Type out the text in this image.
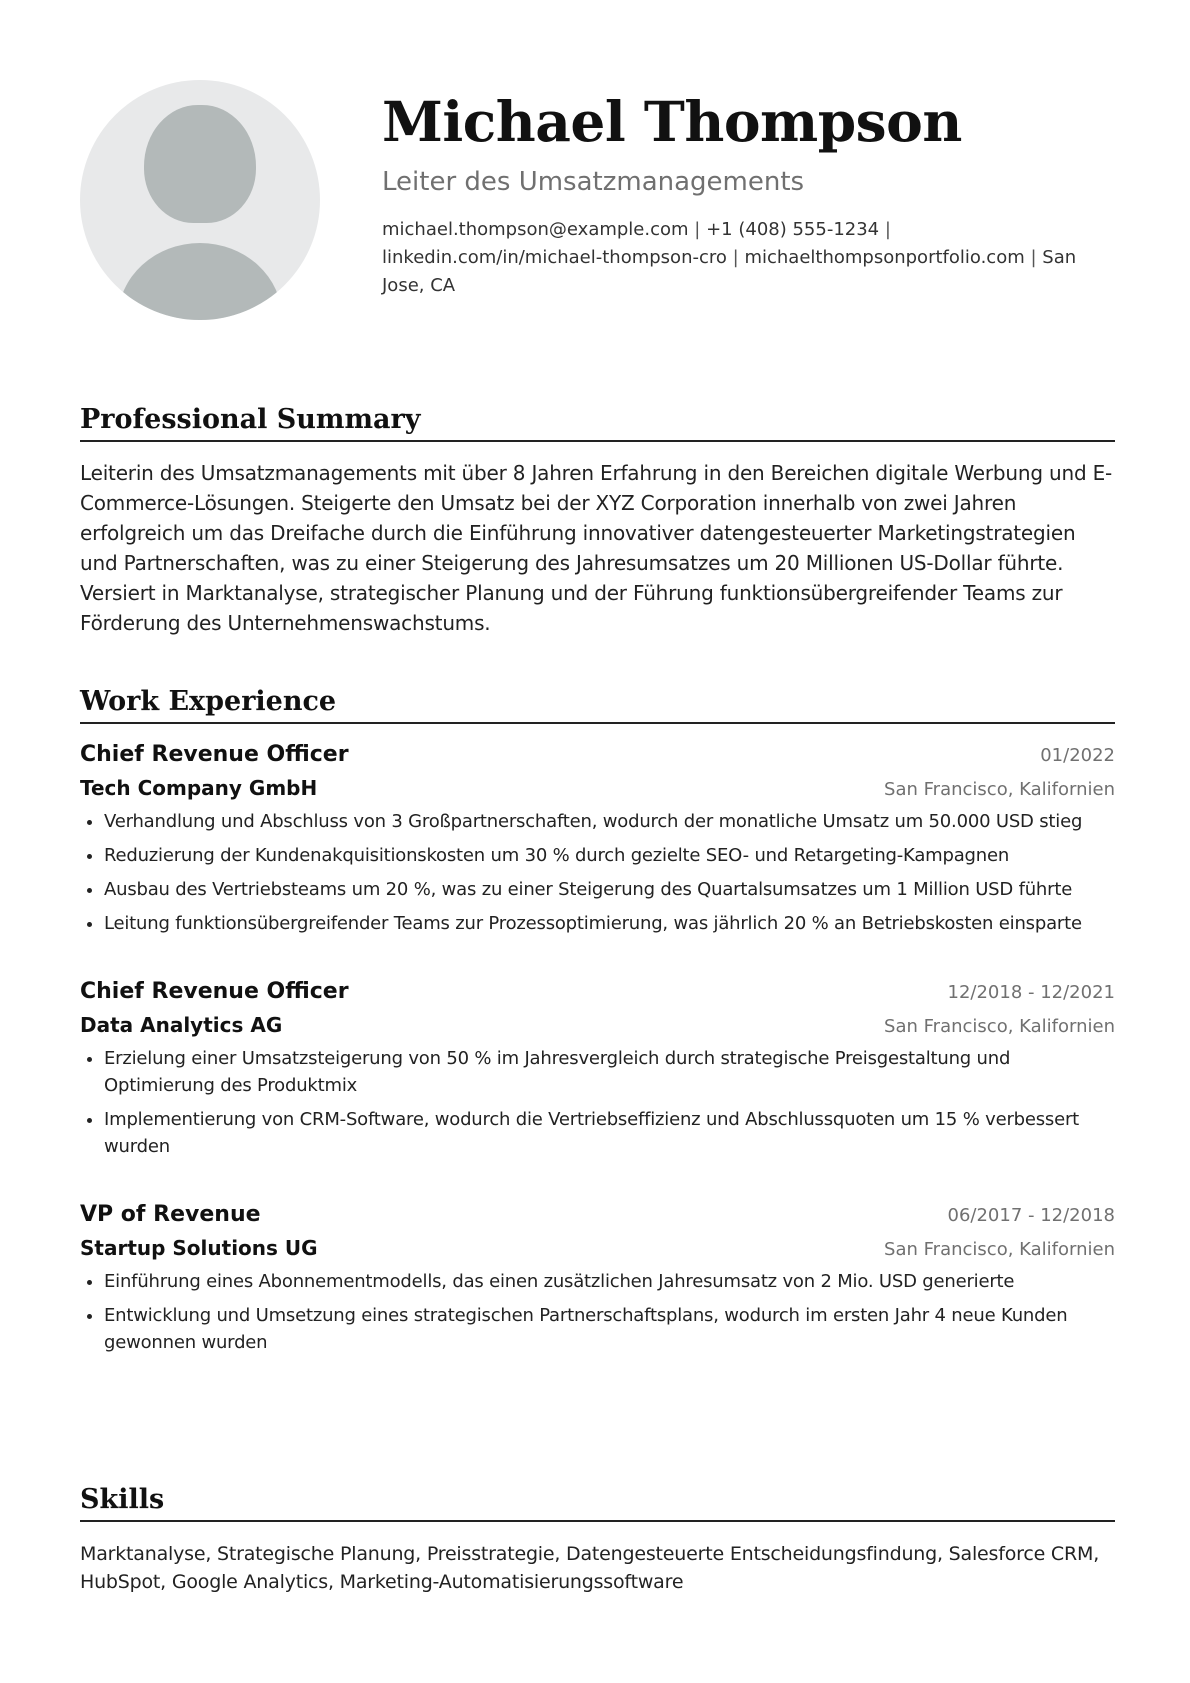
Michael Thompson
Leiter des Umsatzmanagements
michael.thompson@example.com | +1 (408) 555-1234 | linkedin.com/in/michael-thompson-cro | michaelthompsonportfolio.com | San Jose, CA
Professional Summary
Leiterin des Umsatzmanagements mit über 8 Jahren Erfahrung in den Bereichen digitale Werbung und E-Commerce-Lösungen. Steigerte den Umsatz bei der XYZ Corporation innerhalb von zwei Jahren erfolgreich um das Dreifache durch die Einführung innovativer datengesteuerter Marketingstrategien und Partnerschaften, was zu einer Steigerung des Jahresumsatzes um 20 Millionen US-Dollar führte. Versiert in Marktanalyse, strategischer Planung und der Führung funktionsübergreifender Teams zur Förderung des Unternehmenswachstums.
Work Experience
Chief Revenue Officer	01/2022
Tech Company GmbH	San Francisco, Kalifornien
Verhandlung und Abschluss von 3 Großpartnerschaften, wodurch der monatliche Umsatz um 50.000 USD stieg
Reduzierung der Kundenakquisitionskosten um 30 % durch gezielte SEO- und Retargeting-Kampagnen
Ausbau des Vertriebsteams um 20 %, was zu einer Steigerung des Quartalsumsatzes um 1 Million USD führte
Leitung funktionsübergreifender Teams zur Prozessoptimierung, was jährlich 20 % an Betriebskosten einsparte
Chief Revenue Officer	12/2018 - 12/2021
Data Analytics AG	San Francisco, Kalifornien
Erzielung einer Umsatzsteigerung von 50 % im Jahresvergleich durch strategische Preisgestaltung und Optimierung des Produktmix
Implementierung von CRM-Software, wodurch die Vertriebseffizienz und Abschlussquoten um 15 % verbessert wurden
VP of Revenue	06/2017 - 12/2018
Startup Solutions UG	San Francisco, Kalifornien
Einführung eines Abonnementmodells, das einen zusätzlichen Jahresumsatz von 2 Mio. USD generierte
Entwicklung und Umsetzung eines strategischen Partnerschaftsplans, wodurch im ersten Jahr 4 neue Kunden gewonnen wurden
Skills
Marktanalyse, Strategische Planung, Preisstrategie, Datengesteuerte Entscheidungsfindung, Salesforce CRM, HubSpot, Google Analytics, Marketing-Automatisierungssoftware
